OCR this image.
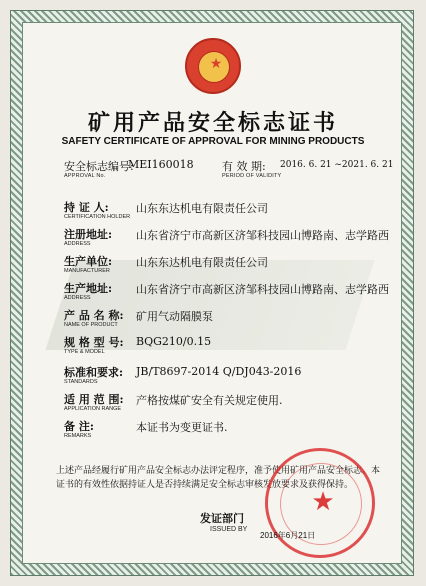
★
矿用产品安全标志证书
SAFETY CERTIFICATE OF APPROVAL FOR MINING PRODUCTS
安全标志编号:
APPROVAL No.
MEI160018	有 效 期:
PERIOD OF VALIDITY
2016. 6. 21 ~2021. 6. 21
持 证 人:
CERTIFICATION HOLDER
山东东达机电有限责任公司
注册地址:
ADDRESS
山东省济宁市高新区济邹科技园山博路南、志学路西
生产单位:
MANUFACTURER
山东东达机电有限责任公司
生产地址:
ADDRESS
山东省济宁市高新区济邹科技园山博路南、志学路西
产 品 名 称:
NAME OF PRODUCT
矿用气动隔膜泵
规 格 型 号:
TYPE & MODEL
BQG210/0.15
标准和要求:
STANDARDS
JB/T8697-2014 Q/DJ043-2016
适 用 范 围:
APPLICATION RANGE
产格按煤矿安全有关规定使用.
备 注:
REMARKS
本证书为变更证书.
上述产品经履行矿用产品安全标志办法评定程序，准予使用矿用产品安全标志。本证书的有效性依据持证人是否持续满足安全标志审核发放要求及获得保持。
★
发证部门
ISSUED BY
2016年6月21日
